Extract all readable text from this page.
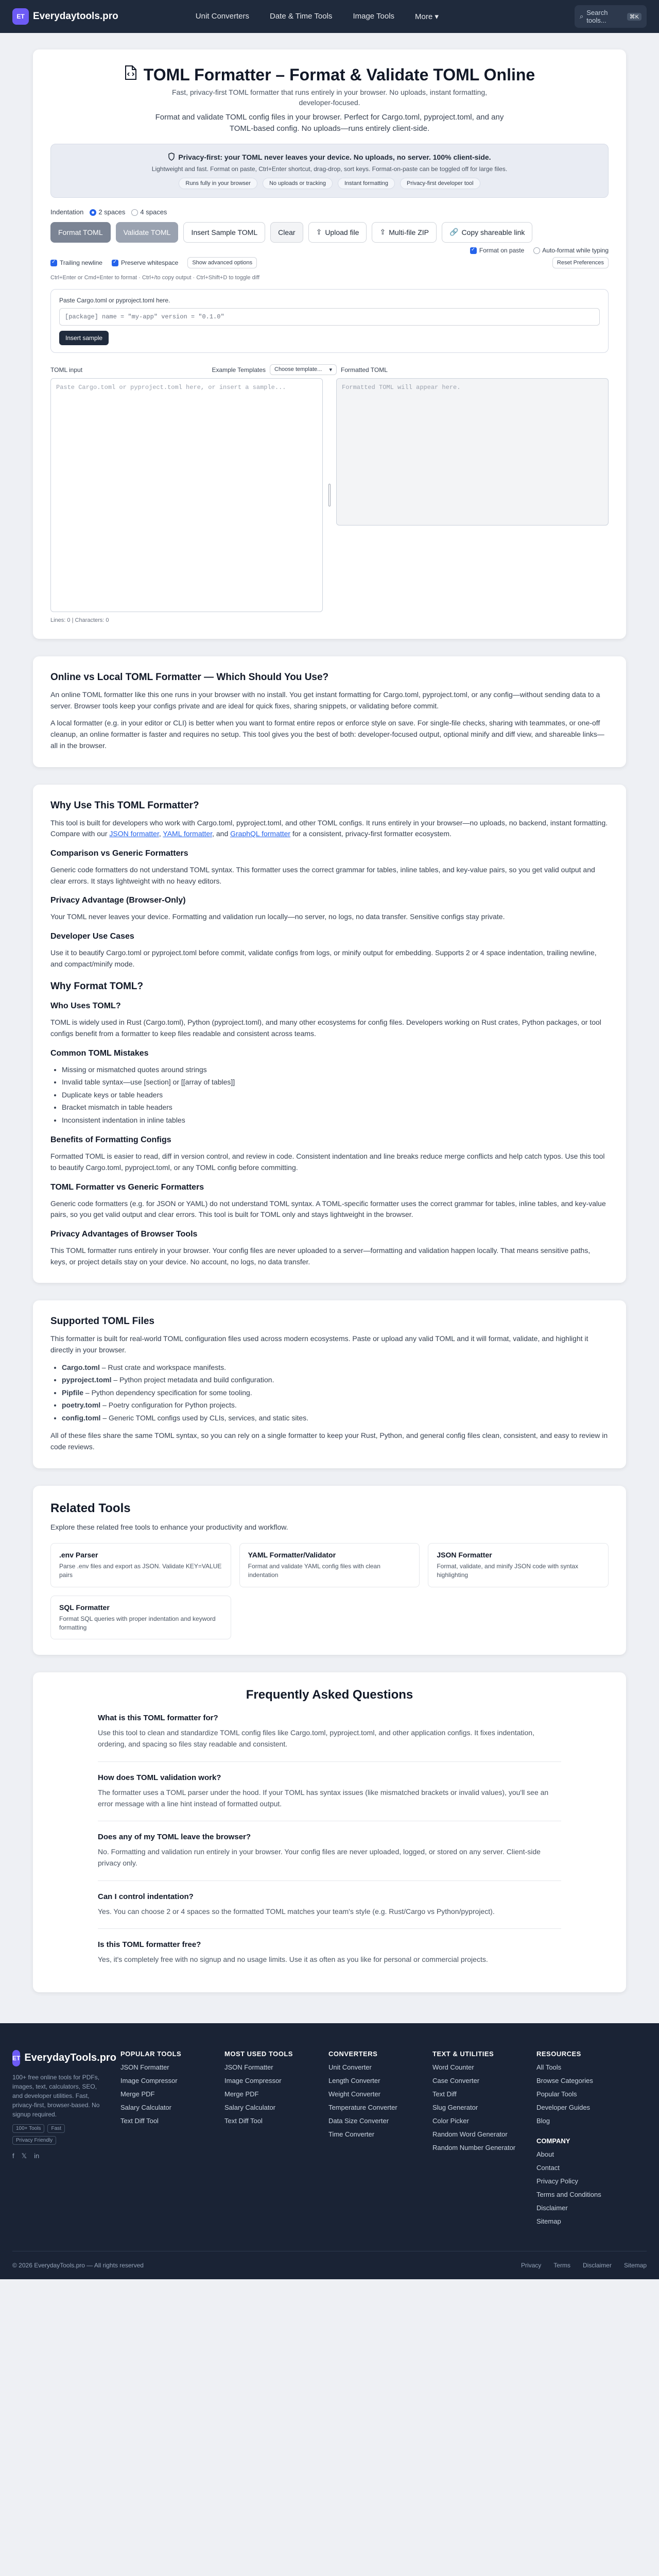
ET Everydaytools.pro	Unit Converters	Date & Time Tools	Image Tools	More ▾	⌕ Search tools...	⌘K
TOML Formatter – Format & Validate TOML Online
Fast, privacy-first TOML formatter that runs entirely in your browser. No uploads, instant formatting, developer-focused.
Format and validate TOML config files in your browser. Perfect for Cargo.toml, pyproject.toml, and any TOML-based config. No uploads—runs entirely client-side.
Privacy-first: your TOML never leaves your device. No uploads, no server. 100% client-side.
Lightweight and fast. Format on paste, Ctrl+Enter shortcut, drag-drop, sort keys. Format-on-paste can be toggled off for large files.
Runs fully in your browser	No uploads or tracking	Instant formatting	Privacy-first developer tool
Indentation	2 spaces	4 spaces
Format TOML	Validate TOML	Insert Sample TOML	Clear	⇪ Upload file	⇪ Multi-file ZIP	🔗 Copy shareable link
✓Format on paste	Auto-format while typing
✓Trailing newline
✓	Preserve whitespace	Show advanced options	Reset Preferences
Ctrl+Enter or Cmd+Enter to format · Ctrl+/to copy output · Ctrl+Shift+D to toggle diff
Paste Cargo.toml or pyproject.toml here.
[package] name = "my-app" version = "0.1.0"
Insert sample
TOML input	Example Templates	Choose template... ▾ Formatted TOML
Paste Cargo.toml or pyproject.toml here, or insert a sample...	Formatted TOML will appear here.
Lines: 0 | Characters: 0
Online vs Local TOML Formatter — Which Should You Use?

An online TOML formatter like this one runs in your browser with no install. You get instant formatting for Cargo.toml, pyproject.toml, or any config—without sending data to a server. Browser tools keep your configs private and are ideal for quick fixes, sharing snippets, or validating before commit.

A local formatter (e.g. in your editor or CLI) is better when you want to format entire repos or enforce style on save. For single-file checks, sharing with teammates, or one-off cleanup, an online formatter is faster and requires no setup. This tool gives you the best of both: developer-focused output, optional minify and diff view, and shareable links—all in the browser.

Why Use This TOML Formatter?

This tool is built for developers who work with Cargo.toml, pyproject.toml, and other TOML configs. It runs entirely in your browser—no uploads, no backend, instant formatting. Compare with our JSON formatter, YAML formatter, and GraphQL formatter for a consistent, privacy-first formatter ecosystem.

Comparison vs Generic Formatters

Generic code formatters do not understand TOML syntax. This formatter uses the correct grammar for tables, inline tables, and key-value pairs, so you get valid output and clear errors. It stays lightweight with no heavy editors.

Privacy Advantage (Browser-Only)

Your TOML never leaves your device. Formatting and validation run locally—no server, no logs, no data transfer. Sensitive configs stay private.

Developer Use Cases

Use it to beautify Cargo.toml or pyproject.toml before commit, validate configs from logs, or minify output for embedding. Supports 2 or 4 space indentation, trailing newline, and compact/minify mode.

Why Format TOML?
Who Uses TOML?

TOML is widely used in Rust (Cargo.toml), Python (pyproject.toml), and many other ecosystems for config files. Developers working on Rust crates, Python packages, or tool configs benefit from a formatter to keep files readable and consistent across teams.

Common TOML Mistakes
• Missing or mismatched quotes around strings
• Invalid table syntax—use [section] or [[array of tables]]
• Duplicate keys or table headers
• Bracket mismatch in table headers
• Inconsistent indentation in inline tables
Benefits of Formatting Configs

Formatted TOML is easier to read, diff in version control, and review in code. Consistent indentation and line breaks reduce merge conflicts and help catch typos. Use this tool to beautify Cargo.toml, pyproject.toml, or any TOML config before committing.

TOML Formatter vs Generic Formatters

Generic code formatters (e.g. for JSON or YAML) do not understand TOML syntax. A TOML-specific formatter uses the correct grammar for tables, inline tables, and key-value pairs, so you get valid output and clear errors. This tool is built for TOML only and stays lightweight in the browser.

Privacy Advantages of Browser Tools

This TOML formatter runs entirely in your browser. Your config files are never uploaded to a server—formatting and validation happen locally. That means sensitive paths, keys, or project details stay on your device. No account, no logs, no data transfer.

Supported TOML Files

This formatter is built for real-world TOML configuration files used across modern ecosystems. Paste or upload any valid TOML and it will format, validate, and highlight it directly in your browser.

• Cargo.toml – Rust crate and workspace manifests.
• pyproject.toml – Python project metadata and build configuration.
• Pipfile – Python dependency specification for some tooling.
• poetry.toml – Poetry configuration for Python projects.
• config.toml – Generic TOML configs used by CLIs, services, and static sites.

All of these files share the same TOML syntax, so you can rely on a single formatter to keep your Rust, Python, and general config files clean, consistent, and easy to review in code reviews.

Related Tools

Explore these related free tools to enhance your productivity and workflow.

.env Parser
Parse .env files and export as JSON. Validate KEY=VALUE pairs
YAML Formatter/Validator
Format and validate YAML config files with clean indentation
JSON Formatter
Format, validate, and minify JSON code with syntax highlighting
SQL Formatter
Format SQL queries with proper indentation and keyword formatting
Frequently Asked Questions
What is this TOML formatter for?
Use this tool to clean and standardize TOML config files like Cargo.toml, pyproject.toml, and other application configs. It fixes indentation, ordering, and spacing so files stay readable and consistent.
How does TOML validation work?
The formatter uses a TOML parser under the hood. If your TOML has syntax issues (like mismatched brackets or invalid values), you'll see an error message with a line hint instead of formatted output.
Does any of my TOML leave the browser?
No. Formatting and validation run entirely in your browser. Your config files are never uploaded, logged, or stored on any server. Client-side privacy only.
Can I control indentation?
Yes. You can choose 2 or 4 spaces so the formatted TOML matches your team's style (e.g. Rust/Cargo vs Python/pyproject).
Is this TOML formatter free?
Yes, it's completely free with no signup and no usage limits. Use it as often as you like for personal or commercial projects.
ET EverydayTools.pro

100+ free online tools for PDFs, images, text, calculators, SEO, and developer utilities. Fast, privacy-first, browser-based. No signup required.

100+ Tools	Fast
Privacy Friendly
f 𝕏 in
POPULAR TOOLS
JSON Formatter
Image Compressor
Merge PDF
Salary Calculator
Text Diff Tool
MOST USED TOOLS
JSON Formatter
Image Compressor
Merge PDF
Salary Calculator
Text Diff Tool
CONVERTERS
Unit Converter
Length Converter
Weight Converter
Temperature Converter
Data Size Converter
Time Converter
TEXT & UTILITIES
Word Counter
Case Converter
Text Diff
Slug Generator
Color Picker
Random Word Generator
Random Number Generator
RESOURCES
All Tools
Browse Categories
Popular Tools
Developer Guides
Blog
COMPANY
About
Contact
Privacy Policy
Terms and Conditions
Disclaimer
Sitemap
© 2026 EverydayTools.pro — All rights reserved	Privacy Terms Disclaimer Sitemap
